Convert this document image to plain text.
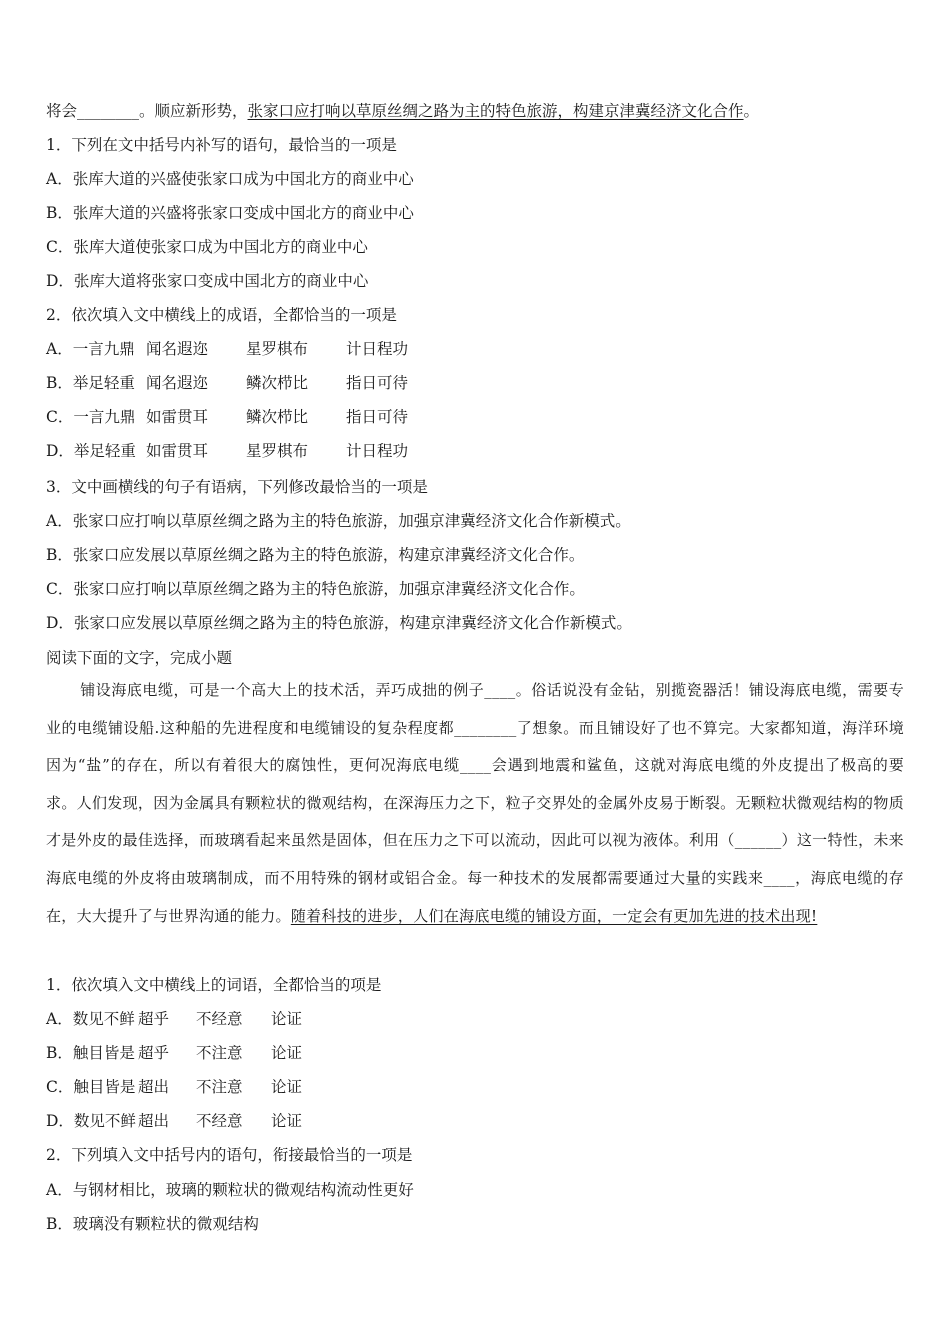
将会________。顺应新形势，张家口应打响以草原丝绸之路为主的特色旅游，构建京津冀经济文化合作。
1．下列在文中括号内补写的语句，最恰当的一项是
A．张库大道的兴盛使张家口成为中国北方的商业中心
B．张库大道的兴盛将张家口变成中国北方的商业中心
C．张库大道使张家口成为中国北方的商业中心
D．张库大道将张家口变成中国北方的商业中心
2．依次填入文中横线上的成语，全都恰当的一项是
A．一言九鼎 闻名遐迩 星罗棋布 计日程功
B．举足轻重 闻名遐迩 鳞次栉比 指日可待
C．一言九鼎 如雷贯耳 鳞次栉比 指日可待
D．举足轻重 如雷贯耳 星罗棋布 计日程功
3．文中画横线的句子有语病，下列修改最恰当的一项是
A．张家口应打响以草原丝绸之路为主的特色旅游，加强京津冀经济文化合作新模式。
B．张家口应发展以草原丝绸之路为主的特色旅游，构建京津冀经济文化合作。
C．张家口应打响以草原丝绸之路为主的特色旅游，加强京津冀经济文化合作。
D．张家口应发展以草原丝绸之路为主的特色旅游，构建京津冀经济文化合作新模式。
阅读下面的文字，完成小题
铺设海底电缆，可是一个高大上的技术活，弄巧成拙的例子____。俗话说没有金钻，别揽瓷器活！铺设海底电缆，需要专业的电缆铺设船.这种船的先进程度和电缆铺设的复杂程度都________了想象。而且铺设好了也不算完。大家都知道，海洋环境因为“盐”的存在，所以有着很大的腐蚀性，更何况海底电缆____会遇到地震和鲨鱼，这就对海底电缆的外皮提出了极高的要求。人们发现，因为金属具有颗粒状的微观结构，在深海压力之下，粒子交界处的金属外皮易于断裂。无颗粒状微观结构的物质才是外皮的最佳选择，而玻璃看起来虽然是固体，但在压力之下可以流动，因此可以视为液体。利用（______）这一特性，未来海底电缆的外皮将由玻璃制成，而不用特殊的钢材或铝合金。每一种技术的发展都需要通过大量的实践来____，海底电缆的存在，大大提升了与世界沟通的能力。随着科技的进步，人们在海底电缆的铺设方面，一定会有更加先进的技术出现!
1．依次填入文中横线上的词语，全都恰当的项是
A．数见不鲜 超乎 不经意 论证
B．触目皆是 超乎 不注意 论证
C．触目皆是 超出 不注意 论证
D．数见不鲜 超出 不经意 论证
2．下列填入文中括号内的语句，衔接最恰当的一项是
A．与钢材相比，玻璃的颗粒状的微观结构流动性更好
B．玻璃没有颗粒状的微观结构
